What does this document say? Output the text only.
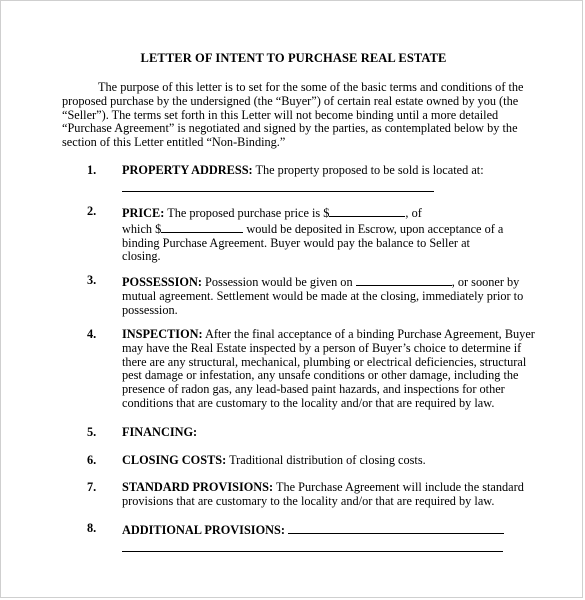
LETTER OF INTENT TO PURCHASE REAL ESTATE
The purpose of this letter is to set for the some of the basic terms and conditions of the
proposed purchase by the undersigned (the “Buyer”) of certain real estate owned by you (the
“Seller”). The terms set forth in this Letter will not become binding until a more detailed
“Purchase Agreement” is negotiated and signed by the parties, as contemplated below by the
section of this Letter entitled “Non-Binding.”
1. PROPERTY ADDRESS: The property proposed to be sold is located at:
2. PRICE: The proposed purchase price is $	, of
which $	would be deposited in Escrow, upon acceptance of a
binding Purchase Agreement. Buyer would pay the balance to Seller at
closing.
3. POSSESSION: Possession would be given on	, or sooner by
mutual agreement. Settlement would be made at the closing, immediately prior to
possession.
4. INSPECTION: After the final acceptance of a binding Purchase Agreement, Buyer
may have the Real Estate inspected by a person of Buyer’s choice to determine if
there are any structural, mechanical, plumbing or electrical deficiencies, structural
pest damage or infestation, any unsafe conditions or other damage, including the
presence of radon gas, any lead-based paint hazards, and inspections for other
conditions that are customary to the locality and/or that are required by law.
5. FINANCING:
6. CLOSING COSTS: Traditional distribution of closing costs.
7. STANDARD PROVISIONS: The Purchase Agreement will include the standard
provisions that are customary to the locality and/or that are required by law.
8. ADDITIONAL PROVISIONS:
